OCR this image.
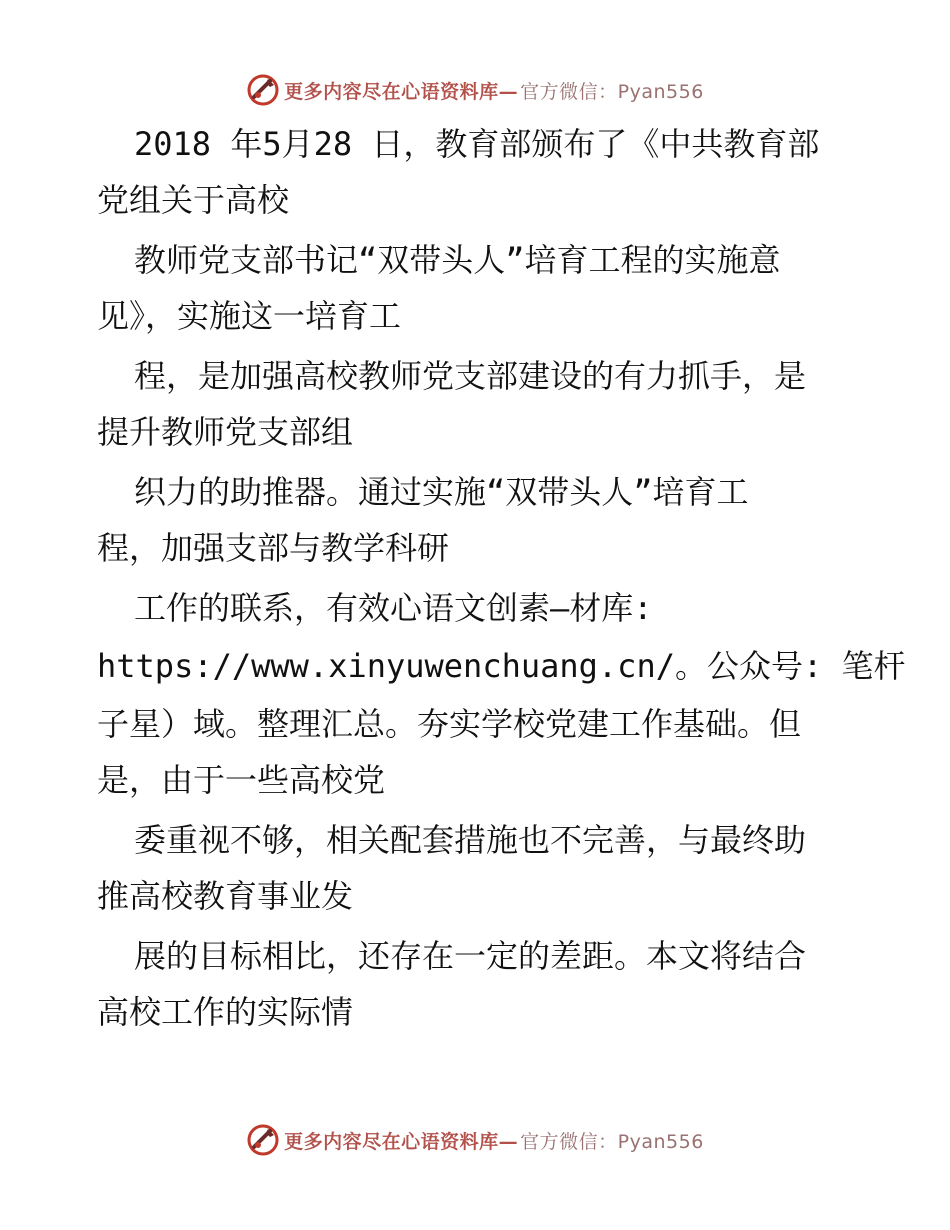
更多内容尽在心语资料库— 官方微信：Pyan556
2018 年5月28 日，教育部颁布了《中共教育部
党组关于高校
教师党支部书记“双带头人”培育工程的实施意
见》，实施这一培育工
程，是加强高校教师党支部建设的有力抓手，是
提升教师党支部组
织力的助推器。通过实施“双带头人”培育工
程，加强支部与教学科研
工作的联系，有效心语文创素—材库:
https://www.xinyuwenchuang.cn/。公众号: 笔杆
子星）域。整理汇总。夯实学校党建工作基础。但
是，由于一些高校党
委重视不够，相关配套措施也不完善，与最终助
推高校教育事业发
展的目标相比，还存在一定的差距。本文将结合
高校工作的实际情
更多内容尽在心语资料库— 官方微信：Pyan556
